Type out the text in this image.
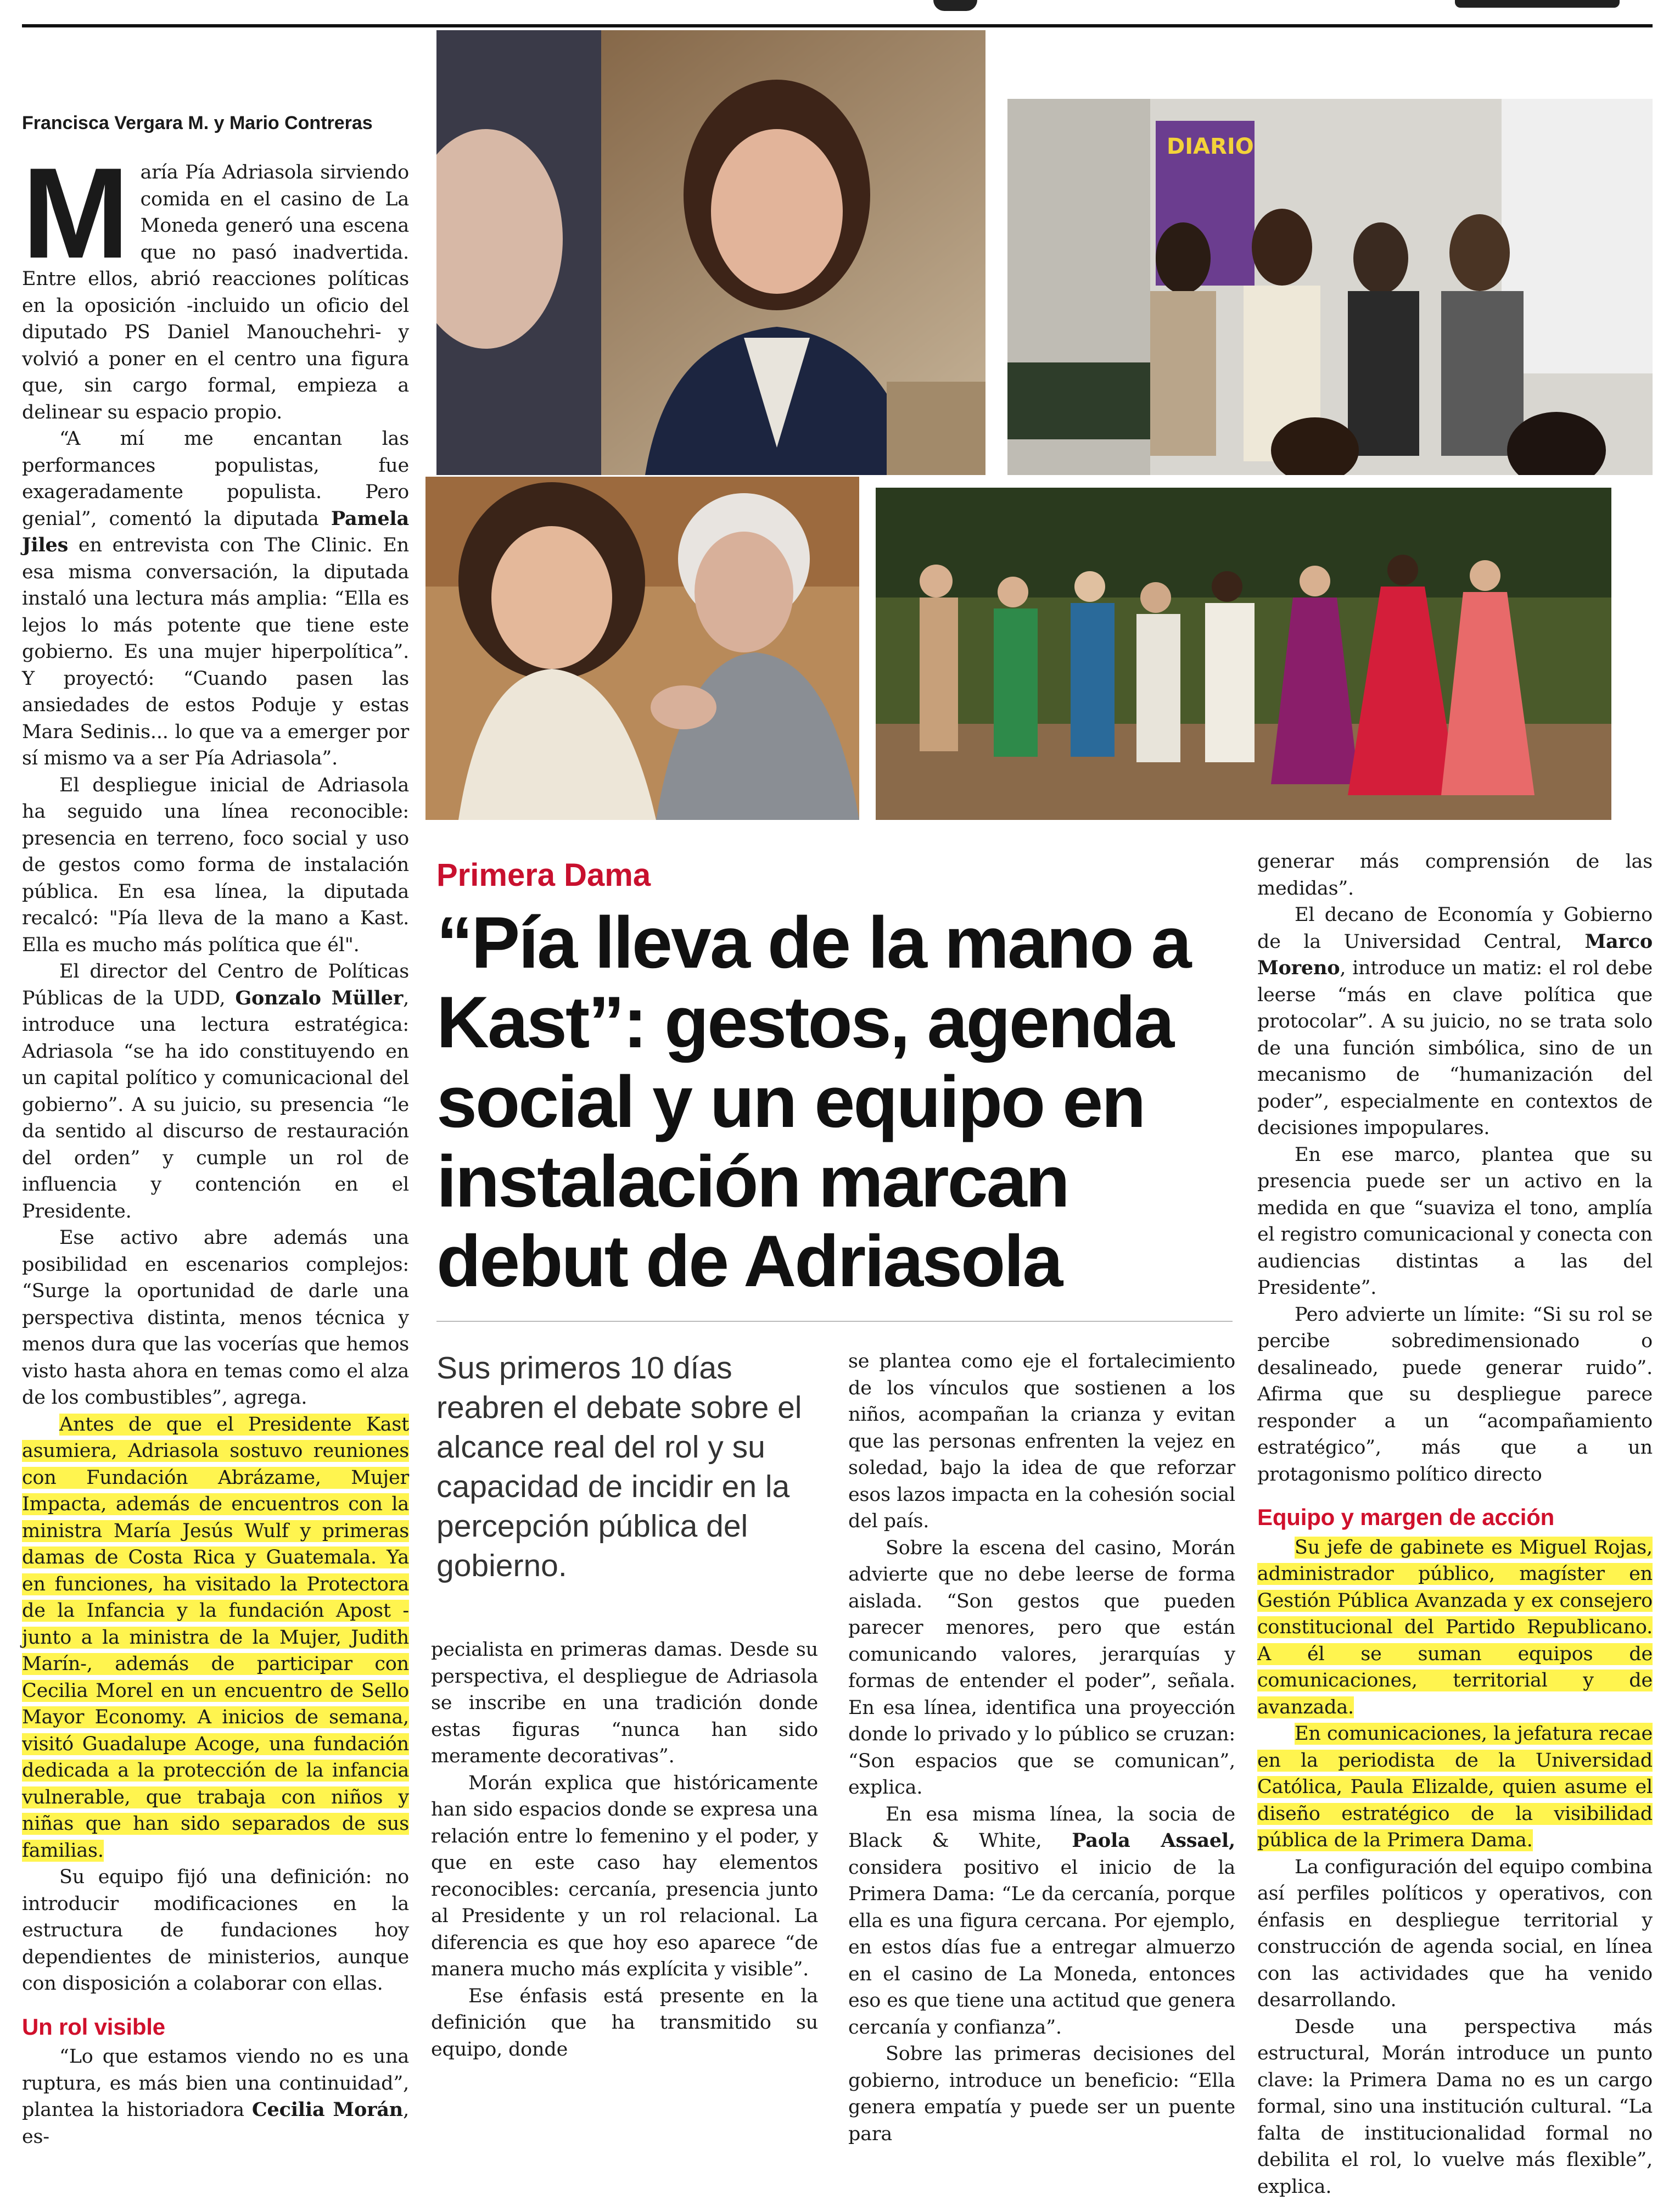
DIARIO
Francisca Vergara M. y Mario Contreras

María Pía Adriasola sirviendo comida en el casino de La Moneda generó una escena que no pasó inadvertida. Entre ellos, abrió reacciones políticas en la oposición -incluido un oficio del diputado PS Daniel Manouchehri- y volvió a poner en el centro una figura que, sin cargo formal, empieza a delinear su espacio propio.

“A mí me encantan las performances populistas, fue exageradamente populista. Pero genial”, comentó la diputada Pamela Jiles en entrevista con The Clinic. En esa misma conversación, la diputada instaló una lectura más amplia: “Ella es lejos lo más potente que tiene este gobierno. Es una mujer hiperpolítica”. Y proyectó: “Cuando pasen las ansiedades de estos Poduje y estas Mara Sedinis... lo que va a emerger por sí mismo va a ser Pía Adriasola”.

El despliegue inicial de Adriasola ha seguido una línea reconocible: presencia en terreno, foco social y uso de gestos como forma de instalación pública. En esa línea, la diputada recalcó: "Pía lleva de la mano a Kast. Ella es mucho más política que él".

El director del Centro de Políticas Públicas de la UDD, Gonzalo Müller, introduce una lectura estratégica: Adriasola “se ha ido constituyendo en un capital político y comunicacional del gobierno”. A su juicio, su presencia “le da sentido al discurso de restauración del orden” y cumple un rol de influencia y contención en el Presidente.

Ese activo abre además una posibilidad en escenarios complejos: “Surge la oportunidad de darle una perspectiva distinta, menos técnica y menos dura que las vocerías que hemos visto hasta ahora en temas como el alza de los combustibles”, agrega.

Antes de que el Presidente Kast asumiera, Adriasola sostuvo reuniones con Fundación Abrázame, Mujer Impacta, además de encuentros con la ministra María Jesús Wulf y primeras damas de Costa Rica y Guatemala. Ya en funciones, ha visitado la Protectora de la Infancia y la fundación Apost -junto a la ministra de la Mujer, Judith Marín-, además de participar con Cecilia Morel en un encuentro de Sello Mayor Economy. A inicios de semana, visitó Guadalupe Acoge, una fundación dedicada a la protección de la infancia vulnerable, que trabaja con niños y niñas que han sido separados de sus familias.

Su equipo fijó una definición: no introducir modificaciones en la estructura de fundaciones hoy dependientes de ministerios, aunque con disposición a colaborar con ellas.

Un rol visible

“Lo que estamos viendo no es una ruptura, es más bien una continuidad”, plantea la historiadora Cecilia Morán, es-

Primera Dama
“Pía lleva de la mano a Kast”: gestos, agenda social y un equipo en instalación marcan debut de Adriasola
Sus primeros 10 días reabren el debate sobre el alcance real del rol y su capacidad de incidir en la percepción pública del gobierno.

pecialista en primeras damas. Desde su perspectiva, el despliegue de Adriasola se inscribe en una tradición donde estas figuras “nunca han sido meramente decorativas”.

Morán explica que históricamente han sido espacios donde se expresa una relación entre lo femenino y el poder, y que en este caso hay elementos reconocibles: cercanía, presencia junto al Presidente y un rol relacional. La diferencia es que hoy eso aparece “de manera mucho más explícita y visible”.

Ese énfasis está presente en la definición que ha transmitido su equipo, donde

se plantea como eje el fortalecimiento de los vínculos que sostienen a los niños, acompañan la crianza y evitan que las personas enfrenten la vejez en soledad, bajo la idea de que reforzar esos lazos impacta en la cohesión social del país.

Sobre la escena del casino, Morán advierte que no debe leerse de forma aislada. “Son gestos que pueden parecer menores, pero que están comunicando valores, jerarquías y formas de entender el poder”, señala. En esa línea, identifica una proyección donde lo privado y lo público se cruzan: “Son espacios que se comunican”, explica.

En esa misma línea, la socia de Black & White, Paola Assael, considera positivo el inicio de la Primera Dama: “Le da cercanía, porque ella es una figura cercana. Por ejemplo, en estos días fue a entregar almuerzo en el casino de La Moneda, entonces eso es que tiene una actitud que genera cercanía y confianza”.

Sobre las primeras decisiones del gobierno, introduce un beneficio: “Ella genera empatía y puede ser un puente para

generar más comprensión de las medidas”.

El decano de Economía y Gobierno de la Universidad Central, Marco Moreno, introduce un matiz: el rol debe leerse “más en clave política que protocolar”. A su juicio, no se trata solo de una función simbólica, sino de un mecanismo de “humanización del poder”, especialmente en contextos de decisiones impopulares.

En ese marco, plantea que su presencia puede ser un activo en la medida en que “suaviza el tono, amplía el registro comunicacional y conecta con audiencias distintas a las del Presidente”.

Pero advierte un límite: “Si su rol se percibe sobredimensionado o desalineado, puede generar ruido”. Afirma que su despliegue parece responder a un “acompañamiento estratégico”, más que a un protagonismo político directo

Equipo y margen de acción

Su jefe de gabinete es Miguel Rojas, administrador público, magíster en Gestión Pública Avanzada y ex consejero constitucional del Partido Republicano. A él se suman equipos de comunicaciones, territorial y de avanzada.

En comunicaciones, la jefatura recae en la periodista de la Universidad Católica, Paula Elizalde, quien asume el diseño estratégico de la visibilidad pública de la Primera Dama.

La configuración del equipo combina así perfiles políticos y operativos, con énfasis en despliegue territorial y construcción de agenda social, en línea con las actividades que ha venido desarrollando.

Desde una perspectiva más estructural, Morán introduce un punto clave: la Primera Dama no es un cargo formal, sino una institución cultural. “La falta de institucionalidad formal no debilita el rol, lo vuelve más flexible”, explica.
